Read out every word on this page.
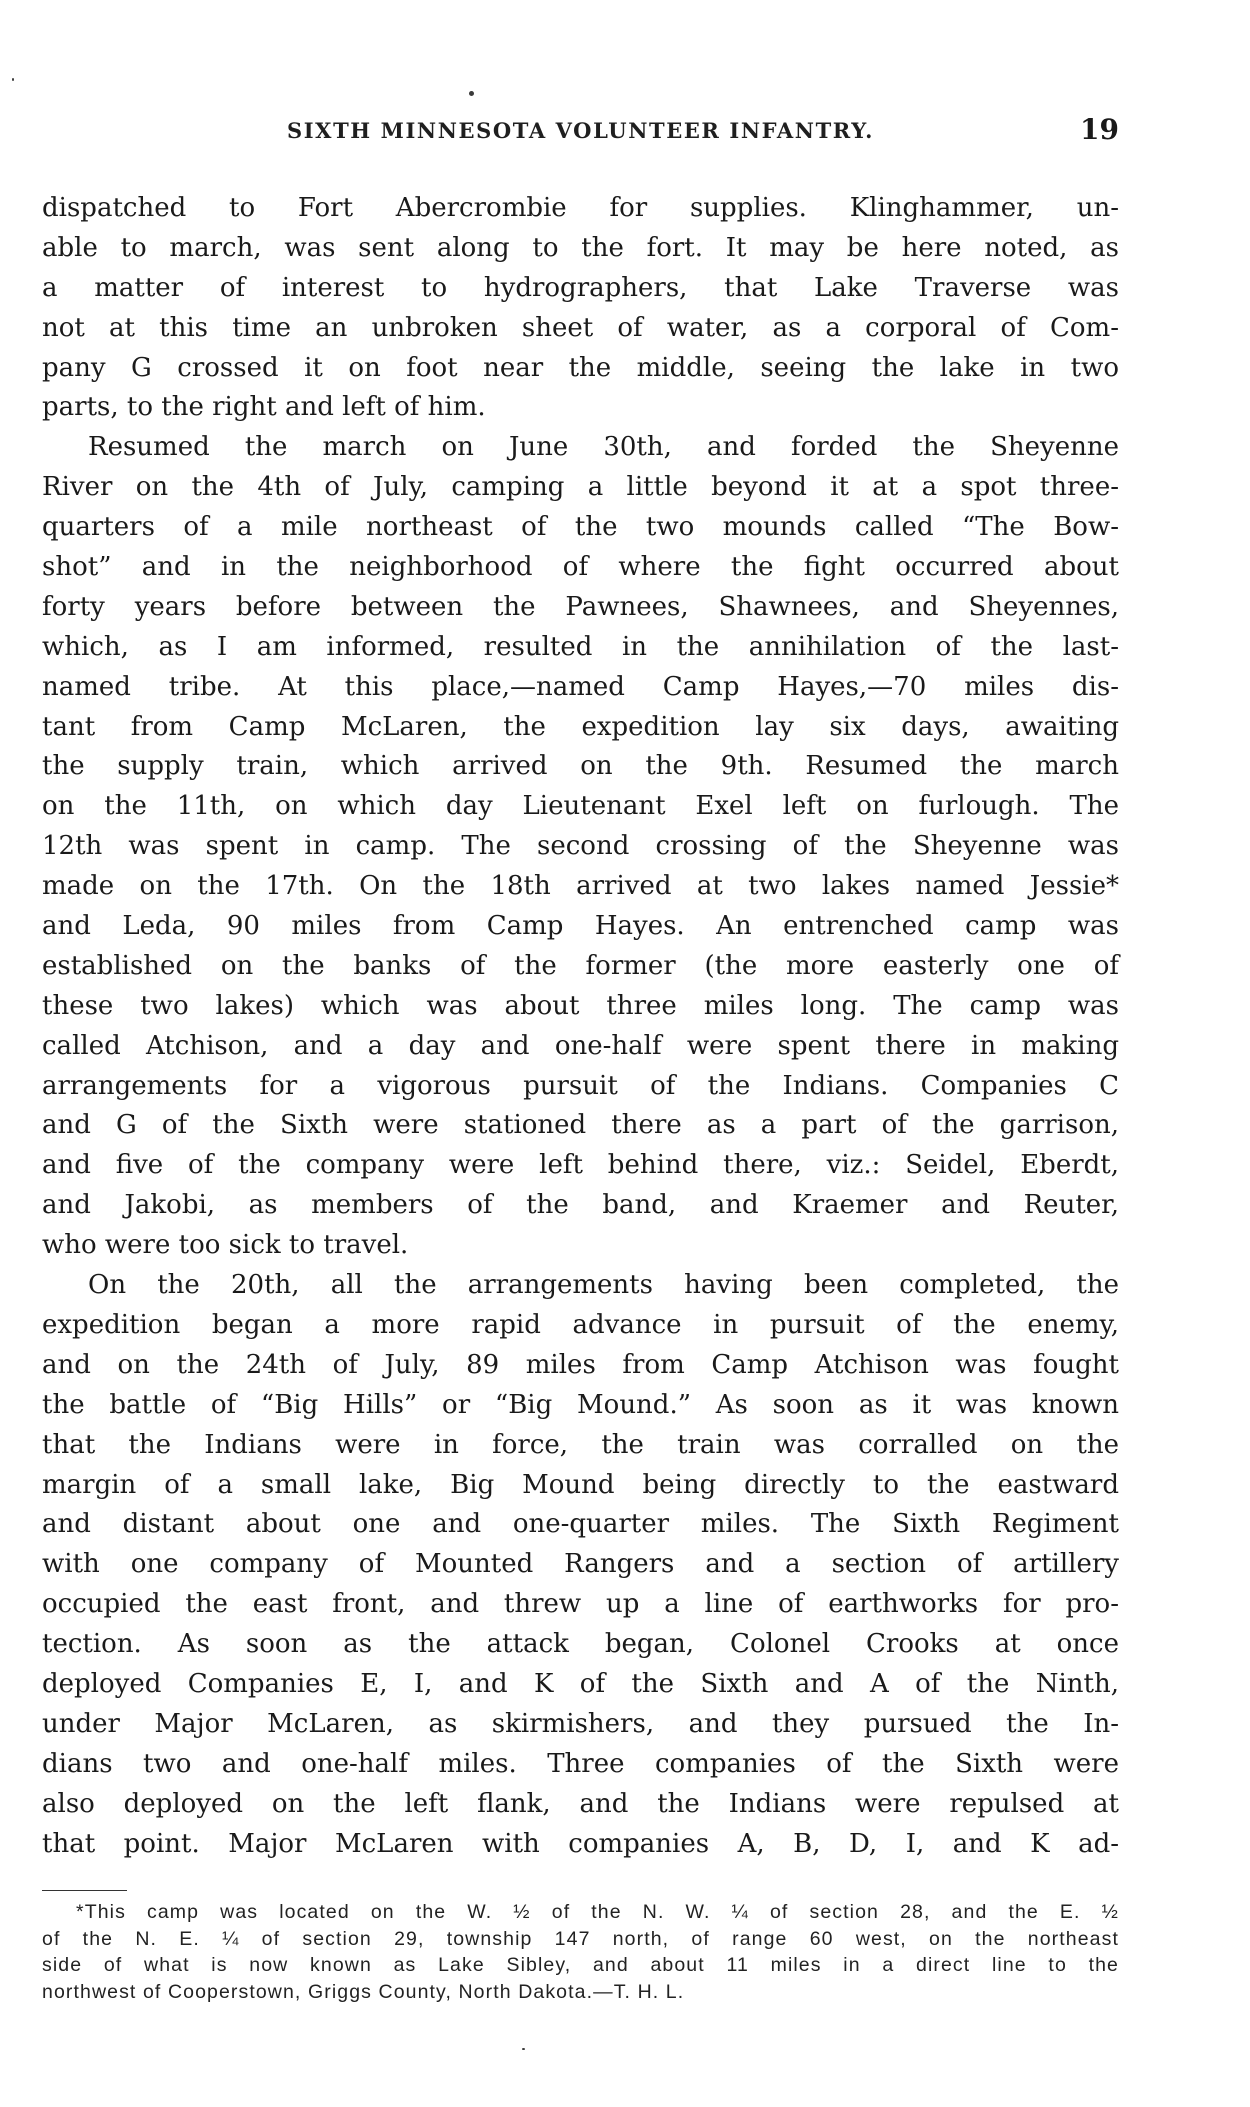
SIXTH MINNESOTA VOLUNTEER INFANTRY.	19
dispatched to Fort Abercrombie for supplies. Klinghammer, un-
able to march, was sent along to the fort. It may be here noted, as
a matter of interest to hydrographers, that Lake Traverse was
not at this time an unbroken sheet of water, as a corporal of Com-
pany G crossed it on foot near the middle, seeing the lake in two
parts, to the right and left of him.
Resumed the march on June 30th, and forded the Sheyenne
River on the 4th of July, camping a little beyond it at a spot three-
quarters of a mile northeast of the two mounds called “The Bow-
shot” and in the neighborhood of where the fight occurred about
forty years before between the Pawnees, Shawnees, and Sheyennes,
which, as I am informed, resulted in the annihilation of the last-
named tribe. At this place,—named Camp Hayes,—70 miles dis-
tant from Camp McLaren, the expedition lay six days, awaiting
the supply train, which arrived on the 9th. Resumed the march
on the 11th, on which day Lieutenant Exel left on furlough. The
12th was spent in camp. The second crossing of the Sheyenne was
made on the 17th. On the 18th arrived at two lakes named Jessie*
and Leda, 90 miles from Camp Hayes. An entrenched camp was
established on the banks of the former (the more easterly one of
these two lakes) which was about three miles long. The camp was
called Atchison, and a day and one-half were spent there in making
arrangements for a vigorous pursuit of the Indians. Companies C
and G of the Sixth were stationed there as a part of the garrison,
and five of the company were left behind there, viz.: Seidel, Eberdt,
and Jakobi, as members of the band, and Kraemer and Reuter,
who were too sick to travel.
On the 20th, all the arrangements having been completed, the
expedition began a more rapid advance in pursuit of the enemy,
and on the 24th of July, 89 miles from Camp Atchison was fought
the battle of “Big Hills” or “Big Mound.” As soon as it was known
that the Indians were in force, the train was corralled on the
margin of a small lake, Big Mound being directly to the eastward
and distant about one and one-quarter miles. The Sixth Regiment
with one company of Mounted Rangers and a section of artillery
occupied the east front, and threw up a line of earthworks for pro-
tection. As soon as the attack began, Colonel Crooks at once
deployed Companies E, I, and K of the Sixth and A of the Ninth,
under Major McLaren, as skirmishers, and they pursued the In-
dians two and one-half miles. Three companies of the Sixth were
also deployed on the left flank, and the Indians were repulsed at
that point. Major McLaren with companies A, B, D, I, and K ad-
*This camp was located on the W. ½ of the N. W. ¼ of section 28, and the E. ½
of the N. E. ¼ of section 29, township 147 north, of range 60 west, on the northeast
side of what is now known as Lake Sibley, and about 11 miles in a direct line to the
northwest of Cooperstown, Griggs County, North Dakota.—T. H. L.
